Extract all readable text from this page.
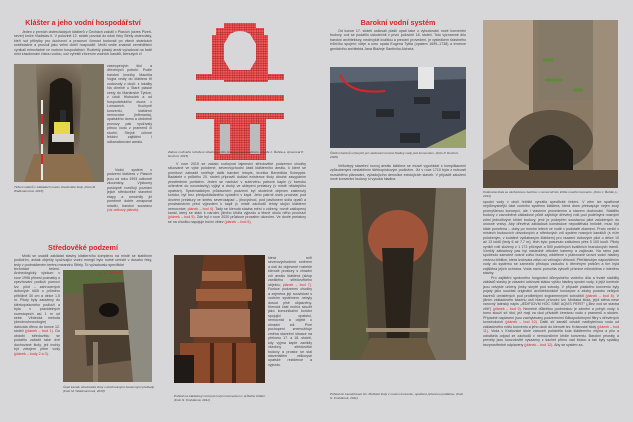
Klášter a jeho vodní hospodářství

Jeden z prvních cisterciáckých klášterů v Čechách založil v Plasích (okres Plzeň-sever) kníže Vladislav II. V polovině 12. století povolal do údolí řeky Střely cisterciáky, kteří sut příbytky pro duchovní a pracovní činnost budovali po všech stránkách soběstačné a prosluli jako velmi dobří hospodáři. Mniši vedle znalostí zemědělství vynikali mimořádně ve vodním hospodářství. Rozlehlý plaský areál vyžadoval na řadě míst zásobování čistou vodou, což vyřešili zřízením vodních kanálů, klenutých či

zastropených štol a dřevěných potrubí. Podle barokní kroniky Mauritia Vogta vedly do kláštera tři vodovody z okolí: z lokality Na cihelně u Staré plaské cesty do Mariánské Týnice, z údolí Hluboček a od hospodářského dvora v Lomanech. Kuchyně konventu, klášterní nemocnice (infirmaria), opatského domu a obdobné provozy pak využívaly pitnou vodu z pramenů či studní. Stejně účinné fekální zajištění i odkanalizování areálu.

Vodní systém v podzemí kláštera v Plasích jsou od roku 1993 odborně zkoumány. Výzkumy postupně rozšiřují poznání jejich středověké stavební etapy a umožnily již poměrně dobře zmapovat mladší, barokní soustavu (viz celkový plánek).

Těžení nálezů v základech úseku středověké štoly. (Foto M. Waldmannová, 2018)
Středověké podzemí

Mniši se usadili zakládat stavby klášterního komplexu na místě se stabilním podložím, avšak objekty využívající vodní energii bylo nutné umístit v dosahu řeky, tedy v podmáčeném terénu meandru Střely. To vyžadovalo specifické

technické řešení. Archeologický výzkum v roce 1996 přinesl poznatky o zpevňování podloží pomocí tzv. pilot – zahrocených dubových kůlů o průměru přibližně 30 cm a délce 1,5 m. Piloty byly zaraženy do štěrkopískového podloží a byla v pravidelných rozestupech asi 1 m od sebe. Vědecká metoda (dendrochronologie) datovala dřevo do konce 12. století (plánek – bod 1). Do období středověku se podařilo zařadit také dvě dochované štoly, jež mohly být zdrojem pitné vody (plánek – body 2 a 3).

Úsek kanálu středověké štoly s dochovanými kamennými překlady. (Foto M. Waldmannová, 2018)
Zákres možného rozložení středního roštu pod konventní budovou. (Podle J. Řehka a, zpracoval P. Duchoň, 2015)

V roce 2015 se začalo rozkrývat tajemství středověké podzemní chodby situované ve výše položené, severovýchodní části klášterního areálu, k které se pomíkovl zahradě směřuje další barokní letopis, kronika Benedikta Scheppta. Badatelé v průběhu 20. století připravili doklad existence štoly dlouhé zasypáním prostředním portálem. Jeden se nachází v sutervénu patrové kaple (v barroku očleněné do novostavby) výjkyl a druhý ve sklepení prelatury (v místě někdejšího opatství). Systematickým průzkumem podzemí byl skutečně objeven zaklenutý koridor, byť bez předpokládaného vyústění v kapli. Jeho patrné úsek prochází pod dvorem prelatury ve směru severozápad – jihovýchod, pod pavilonem sídla opatů a prostranstvím před výjezdem k kapli (v místě záchodů tehdy stojící klášterní nemocnice; plánek – bod 4). Tady se klenutá stavba mění v zúžený, rovně zaklopený kanál, který se stáčí k nárožní jižního křídla výjezdu a těsně okolo něho prochází (plánek – bod 5). Zde byl v roce 2020 průzkum prozatím ukončen. Ve dvoře prelatury se na chodbu napojuje boční větev (plánek – bod 6),

která míří severovýchodním směrem a ústí do objevené rozlehlé klenuté prostory s vhradní zdí areálu kláštera (sklop zaniklého středověkého objektu; plánek – bod 7). Funkce podzemní chodby a zejména její souvislost s vodním systémem nebyly dosud plně objasněny. Klenutá část mohla sloužit jako komunikační koridor spojující opatství, nemocnici a objekt u ohradní zdi. Plné pochopení znemožňuje změna stavební situace na přelomu 17. a 18. století, kdy vyjma kaple zaniklly všechny středověké budovy a prostor se stal staveništěm velkorysé opatské rezidence a výjezdu.

Pohled na základový rošt pod novým konventem v průběhu čištění. (Foto S. Kročáková, 2011)
Barokní vodní systém

Od konce 17. století usilovali plaští opati také o vybudování nové konventní budovy, což se podařilo uskutečnit v první polovině 18. století. Toto významné dílo barokní architektury, neobvyklé kvalitou a precizní provedení, je výsledkem šťastného tvůrčího spojení: ideje a umu opata Eugena Tyttla (opatem 1699–1738) a invence geniálního architekta Jana Blažeje Santiniho Aichela.

Čištění bazénů určených pro sledování úrovně hladiny vody pod konventem. (Foto P. Duchoň, 2005)

Velkolepý stavební rozvoj areálu kláštera se musel vypořádat s komplikacemi způsobenými nestabilním štěrkopískovým podložím. Již v roce 1710 byla z nutnosti rozsáhlého plánování, vyžadujícího demolice existujících staveb. V případě založení nové konventní budovy si vysoká hladina

Pohled do zavodňovací tzv. Mnišské štoly v novém konventu, opatřené prkennou podlahou. (Foto S. Kročáková, 2011)
Královská štola se záchodovou šachtou v nemocničním křídle nového konventu. (Foto J. Řehák p., 2013)

spodní vody v okolí řečiště vynutila specifické řešení. V něm lze spatřovat nejdůmyslnější část vodního systému kláštera, která dnes překvapuje nejen svojí promyšlenou koncepcí, ale i vlastním provedením a stavem dochování. Stabilitu budovy v zavodněné základové půdě zajišťuje dřevěný rošt pod podélnými nosnými zdmi jednotlivých křídel budovy, jenž je podepřen soustavou pilot založených do únosné vrstvy. Aby dřevěná základová konstrukce nepodléhala hnilobě, musí být stále ponořena – duby po mnoho letech ve vodě v podstatě zkamení. Proto vznikl v místech budoucích obvodových a středových zdí systém nosných kanálků (s níže položeným, v kulatině vydlabaným žlábkem) pro vsazení dubových pilot o délce 10 až 13 loktů (tedy 6 až 7,7 m); těch bylo posunuto zatlučeno přes 5 100 kusů. Piloty vyniklí rošt složený z 1 173 příčných a 500 podélných kvalitních hranolových trámů. Vzniklý základový pas byl následně obložen kameny a zajílován. Na rámu pak spočinulo samotné nosné zdivo budovy, oddělené v plánované úrovni vodní hladiny vrstvou břidlice, která izolovala zdivo od vzlínající vlhkosti. Přeťáknutým napouštěním vody do systému se zamezilo přístupu vzduchu k dřevěným prvkům a tím byla zajištěna jejich ochrana. Voda navíc pomohla vytvořit příznivé mikroklima v interiéru stavby.

Pro zajištění správného fungování důmyslného vodního díla a trvalé stability základů stavby je zásadní udržovat stálou výšku hladiny spodní vody, k jejíž kontrole jsou odvykle určeny jímky skryté pod schody. V případě plaského konventu byly pojaty jako součást originální architektonické koncepce a zdoby podobu velkých bazénů umístěných pod protilehlými svgramennými schodišti (plánek – bod 8). V jižním základovém bazénu ústí hlavní přívodní tzv. Mnišská štola, jejíž stěna nese varovný latinský nápis „ÆDIFICIVM HOC SINE AQVIS PERIT“ („Bez vod se stavba zříti“) (plánek – bod 9). Neméně důležitou podmínkou je zdmění a pohyb vody; k tomu slouží síť štol, jež mají za úkol přivádět čerstvou vodu z pramenů a studen. Případné naplavení jsou zachytávány podzemními lůžkopodobnými filtry v dřevěných konstrukcích (plánek – bod 10). Další síť kanálů odvádí nadbytečnou vodu od základového roštu konventu a jeho okolí do klenuté tzv. Královské štoly (plánek – bod 11). Voda v Královské štole zároveň poháněla kola klášterního mlýna a pilu a odnášela odpad ze záchodů v nemocničním křídle konventu. Barokní prioráty a prevéty jsou konzolovitě vysazeny z šachet přímo nad štolou a tak byly splašky bezprostředně odplaveny (plánek – bod 12). Aby se systém za-
